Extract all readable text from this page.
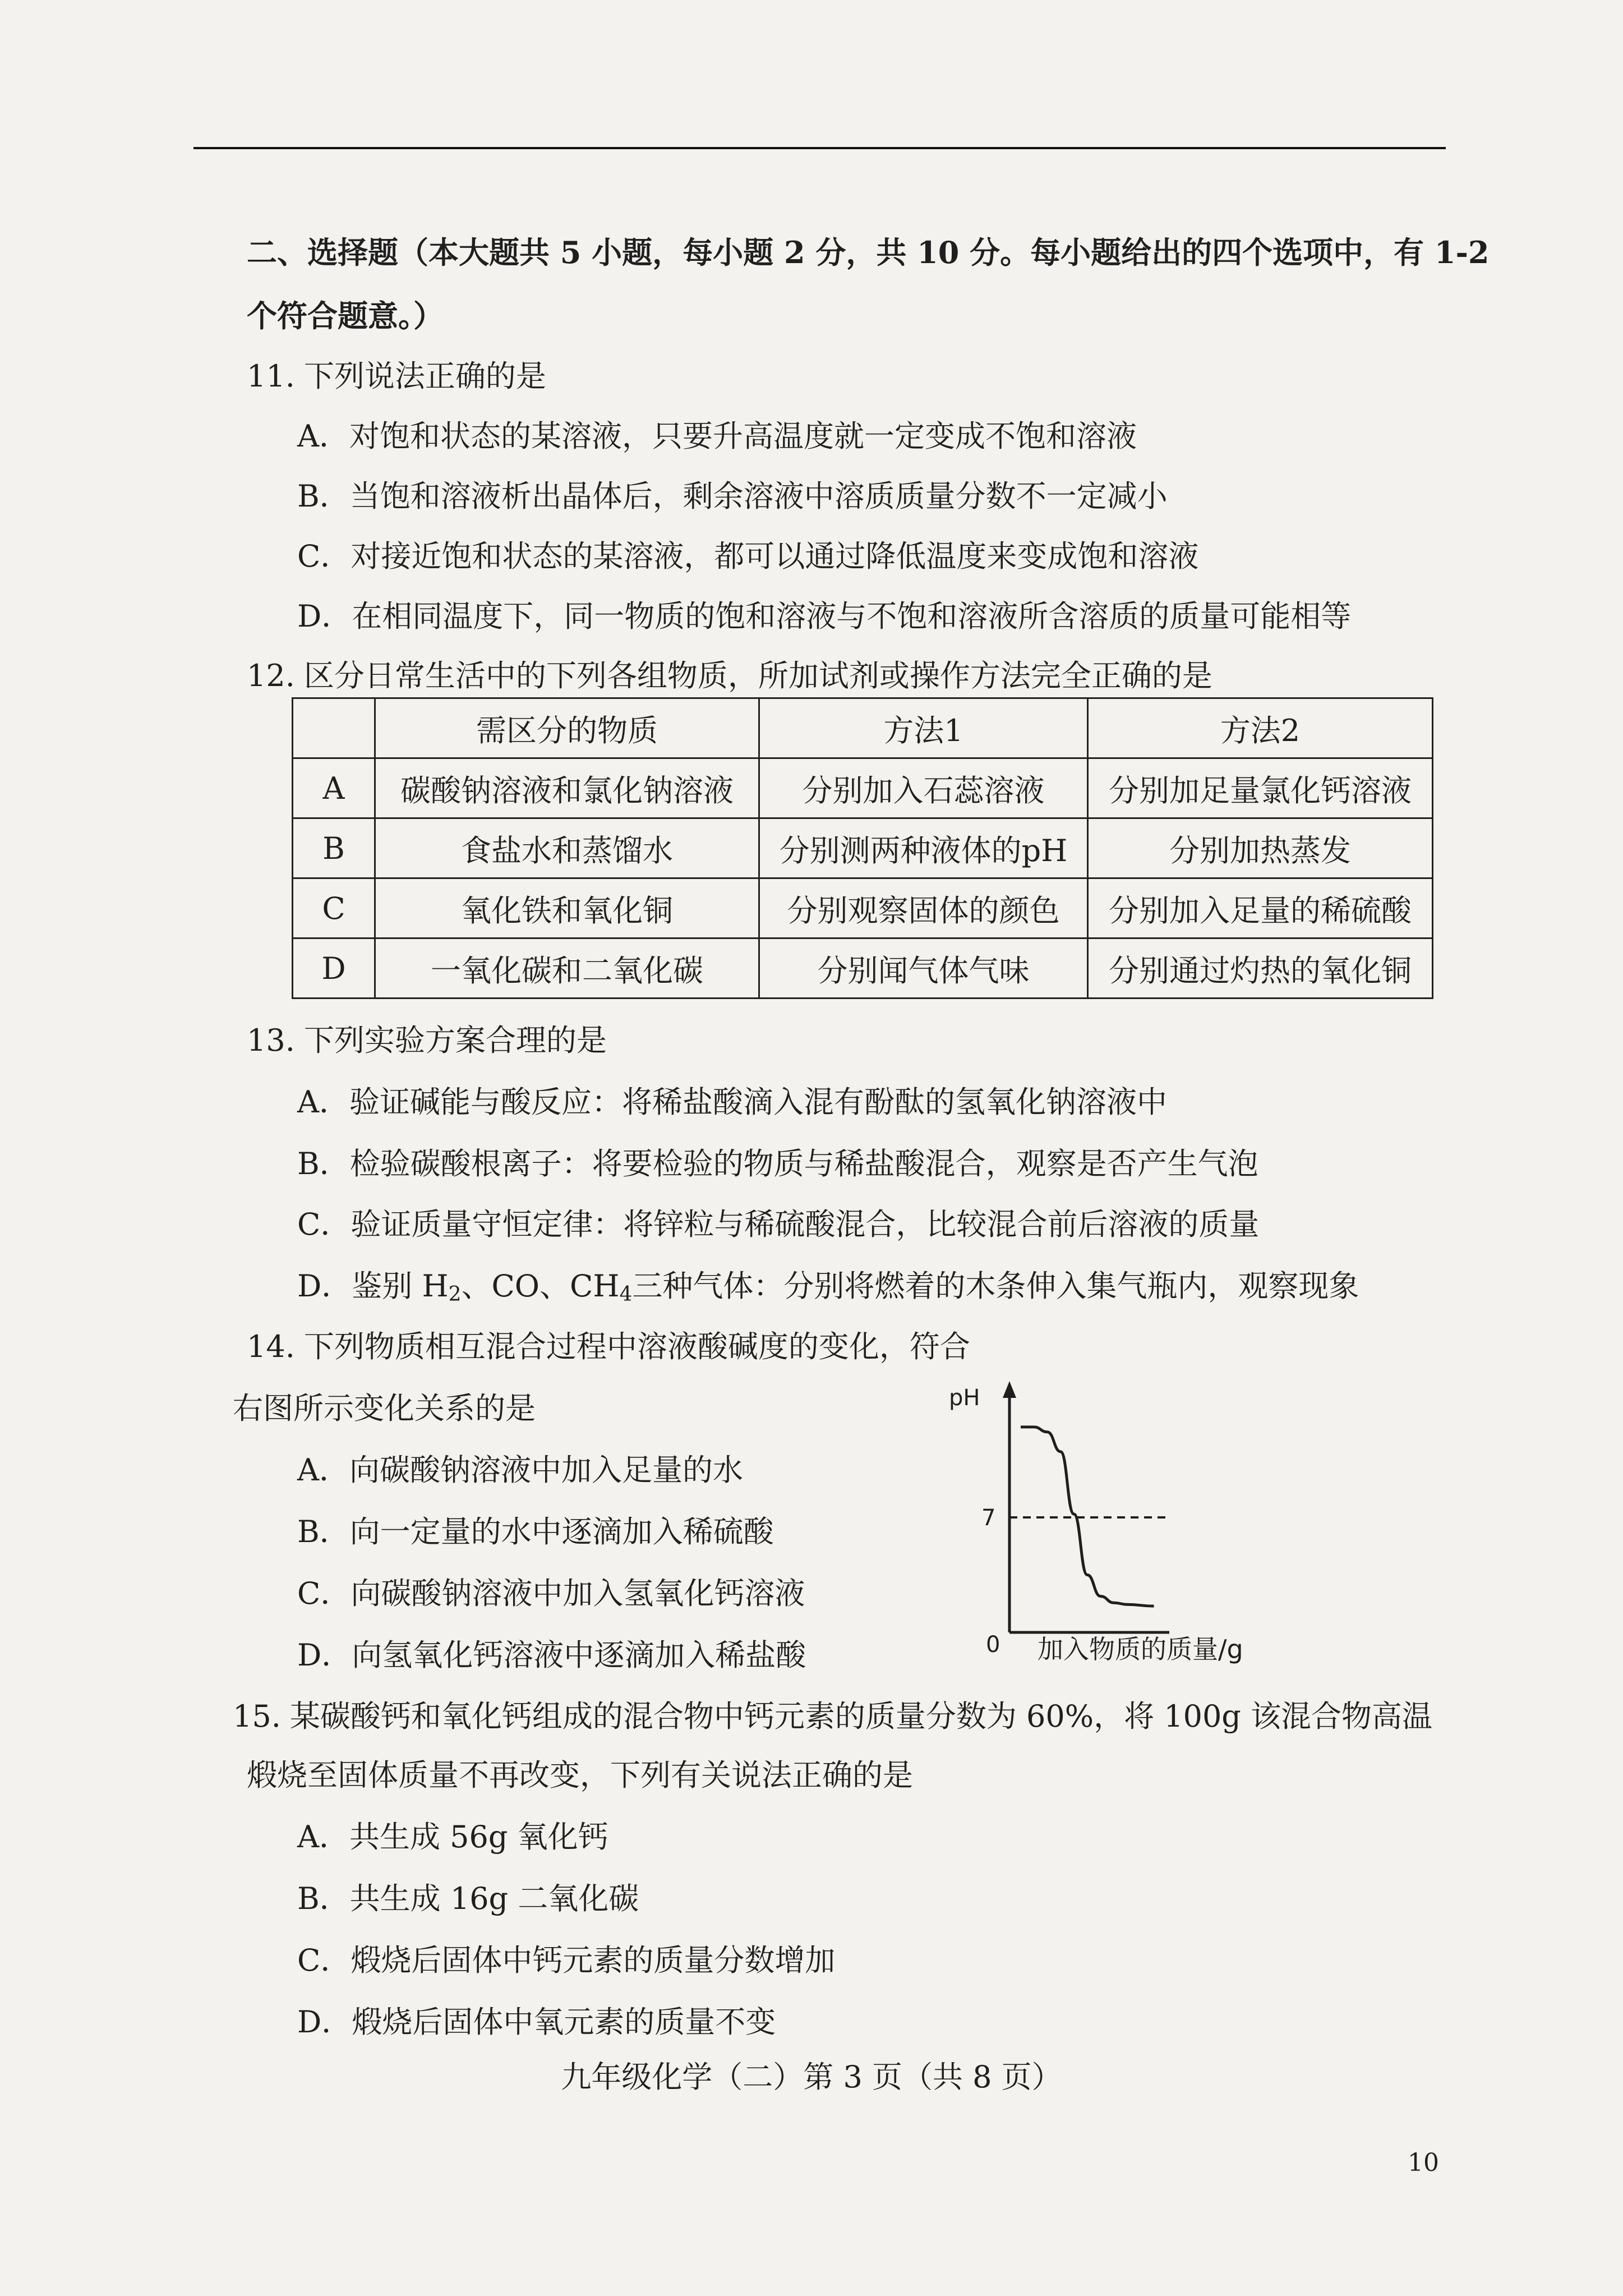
二、选择题（本大题共 5 小题，每小题 2 分，共 10 分。每小题给出的四个选项中，有 1-2
个符合题意。）
11. 下列说法正确的是
A．对饱和状态的某溶液，只要升高温度就一定变成不饱和溶液
B．当饱和溶液析出晶体后，剩余溶液中溶质质量分数不一定减小
C．对接近饱和状态的某溶液，都可以通过降低温度来变成饱和溶液
D．在相同温度下，同一物质的饱和溶液与不饱和溶液所含溶质的质量可能相等
12. 区分日常生活中的下列各组物质，所加试剂或操作方法完全正确的是
	需区分的物质	方法1	方法2
A	碳酸钠溶液和氯化钠溶液	分别加入石蕊溶液	分别加足量氯化钙溶液
B	食盐水和蒸馏水	分别测两种液体的pH	分别加热蒸发
C	氧化铁和氧化铜	分别观察固体的颜色	分别加入足量的稀硫酸
D	一氧化碳和二氧化碳	分别闻气体气味	分别通过灼热的氧化铜
13. 下列实验方案合理的是
A．验证碱能与酸反应：将稀盐酸滴入混有酚酞的氢氧化钠溶液中
B．检验碳酸根离子：将要检验的物质与稀盐酸混合，观察是否产生气泡
C．验证质量守恒定律：将锌粒与稀硫酸混合，比较混合前后溶液的质量
D．鉴别 $H_2$、CO、$CH_4$三种气体：分别将燃着的木条伸入集气瓶内，观察现象
14. 下列物质相互混合过程中溶液酸碱度的变化，符合
右图所示变化关系的是
A．向碳酸钠溶液中加入足量的水
B．向一定量的水中逐滴加入稀硫酸
C．向碳酸钠溶液中加入氢氧化钙溶液
D．向氢氧化钙溶液中逐滴加入稀盐酸
pH
7
0 加入物质的质量/g
15. 某碳酸钙和氧化钙组成的混合物中钙元素的质量分数为 60%，将 100g 该混合物高温
煅烧至固体质量不再改变，下列有关说法正确的是
A．共生成 56g 氧化钙
B．共生成 16g 二氧化碳
C．煅烧后固体中钙元素的质量分数增加
D．煅烧后固体中氧元素的质量不变
九年级化学（二）第 3 页（共 8 页）
10
